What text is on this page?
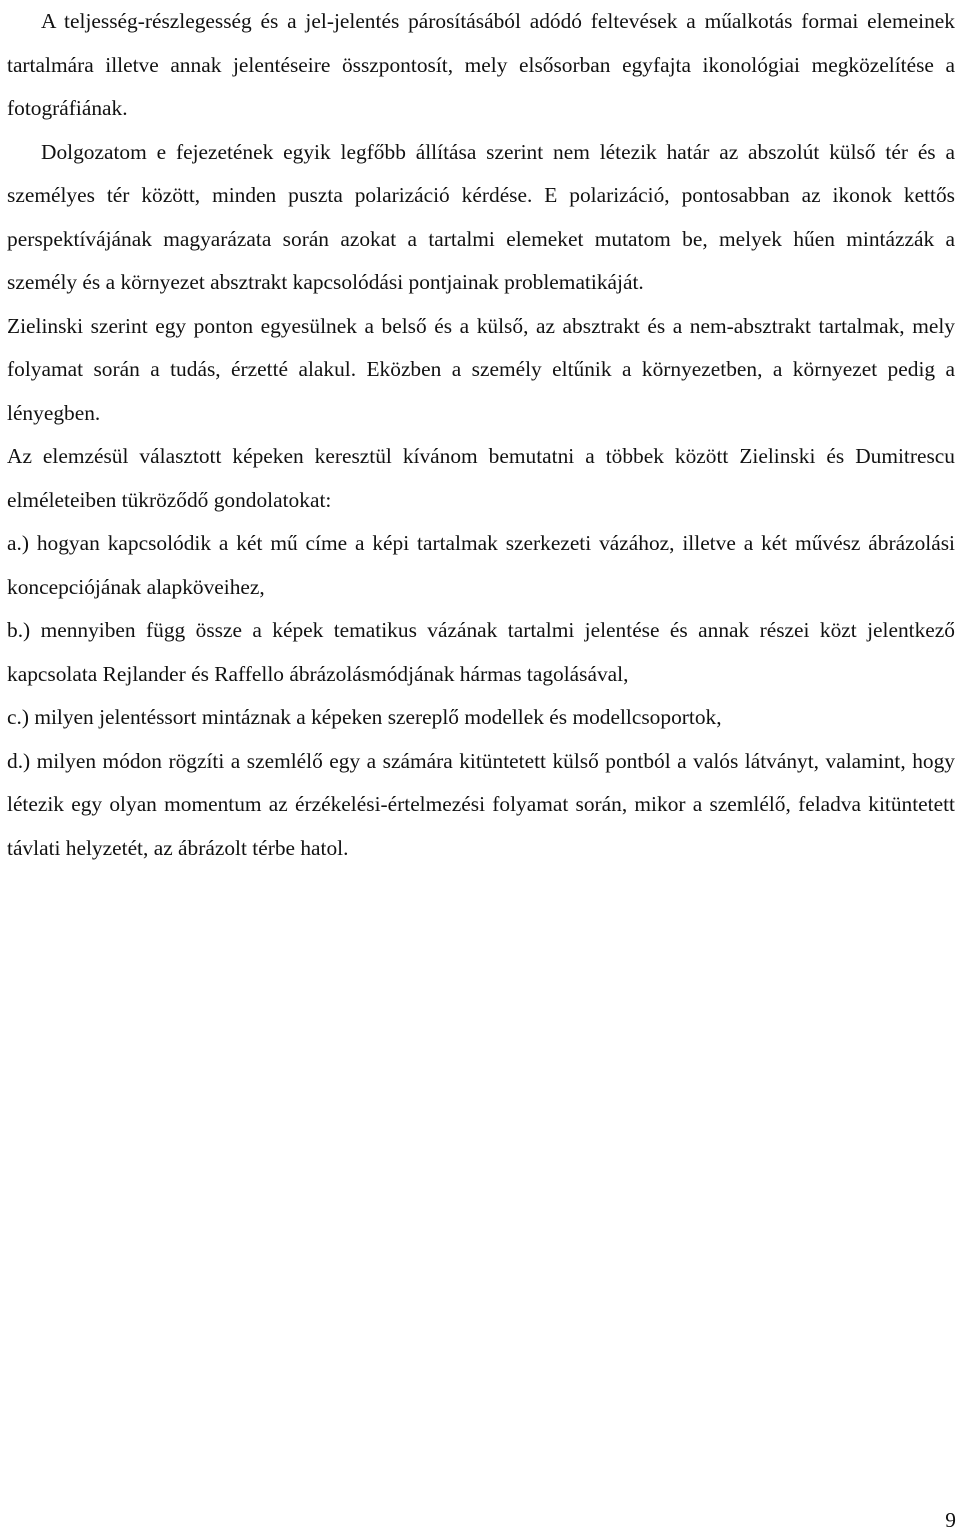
A teljesség-részlegesség és a jel-jelentés párosításából adódó feltevések a műalkotás formai elemeinek tartalmára illetve annak jelentéseire összpontosít, mely elsősorban egyfajta ikonológiai megközelítése a fotográfiának.

Dolgozatom e fejezetének egyik legfőbb állítása szerint nem létezik határ az abszolút külső tér és a személyes tér között, minden puszta polarizáció kérdése. E polarizáció, pontosabban az ikonok kettős perspektívájának magyarázata során azokat a tartalmi elemeket mutatom be, melyek hűen mintázzák a személy és a környezet absztrakt kapcsolódási pontjainak problematikáját.

Zielinski szerint egy ponton egyesülnek a belső és a külső, az absztrakt és a nem-absztrakt tartalmak, mely folyamat során a tudás, érzetté alakul. Eközben a személy eltűnik a környezetben, a környezet pedig a lényegben.

Az elemzésül választott képeken keresztül kívánom bemutatni a többek között Zielinski és Dumitrescu elméleteiben tükröződő gondolatokat:

a.) hogyan kapcsolódik a két mű címe a képi tartalmak szerkezeti vázához, illetve a két művész ábrázolási koncepciójának alapköveihez,

b.) mennyiben függ össze a képek tematikus vázának tartalmi jelentése és annak részei közt jelentkező kapcsolata Rejlander és Raffello ábrázolásmódjának hármas tagolásával,

c.) milyen jelentéssort mintáznak a képeken szereplő modellek és modellcsoportok,

d.) milyen módon rögzíti a szemlélő egy a számára kitüntetett külső pontból a valós látványt, valamint, hogy létezik egy olyan momentum az érzékelési-értelmezési folyamat során, mikor a szemlélő, feladva kitüntetett távlati helyzetét, az ábrázolt térbe hatol.

9
